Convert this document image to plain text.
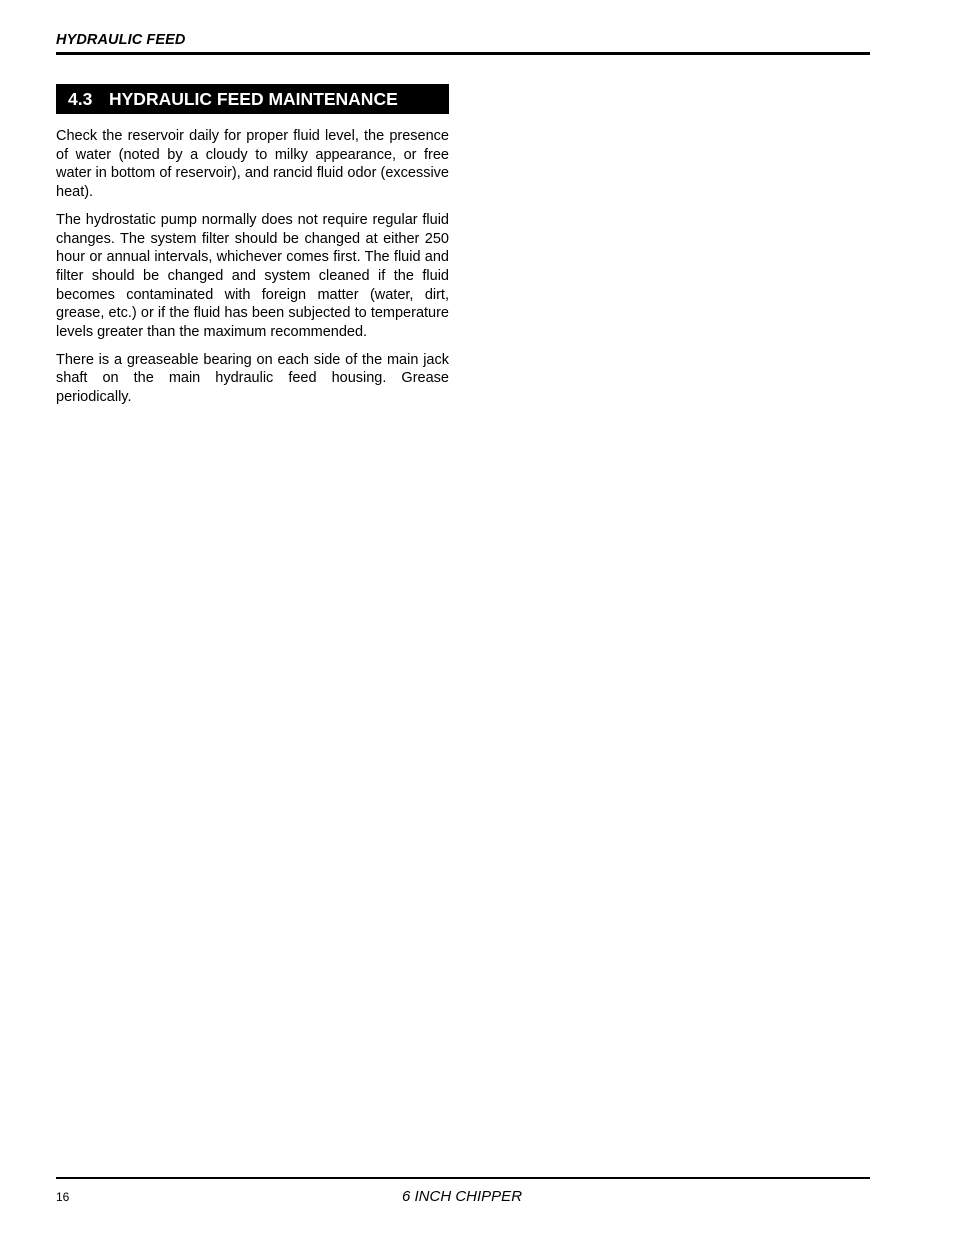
HYDRAULIC FEED
4.3 HYDRAULIC FEED MAINTENANCE

Check the reservoir daily for proper fluid level, the presence of water (noted by a cloudy to milky appearance, or free water in bottom of reservoir), and rancid fluid odor (excessive heat).

The hydrostatic pump normally does not require regular fluid changes. The system filter should be changed at either 250 hour or annual intervals, whichever comes first. The fluid and filter should be changed and system cleaned if the fluid becomes contaminated with foreign matter (water, dirt, grease, etc.) or if the fluid has been subjected to temperature levels greater than the maximum recommended.

There is a greaseable bearing on each side of the main jack shaft on the main hydraulic feed housing. Grease periodically.

16	6 INCH CHIPPER
